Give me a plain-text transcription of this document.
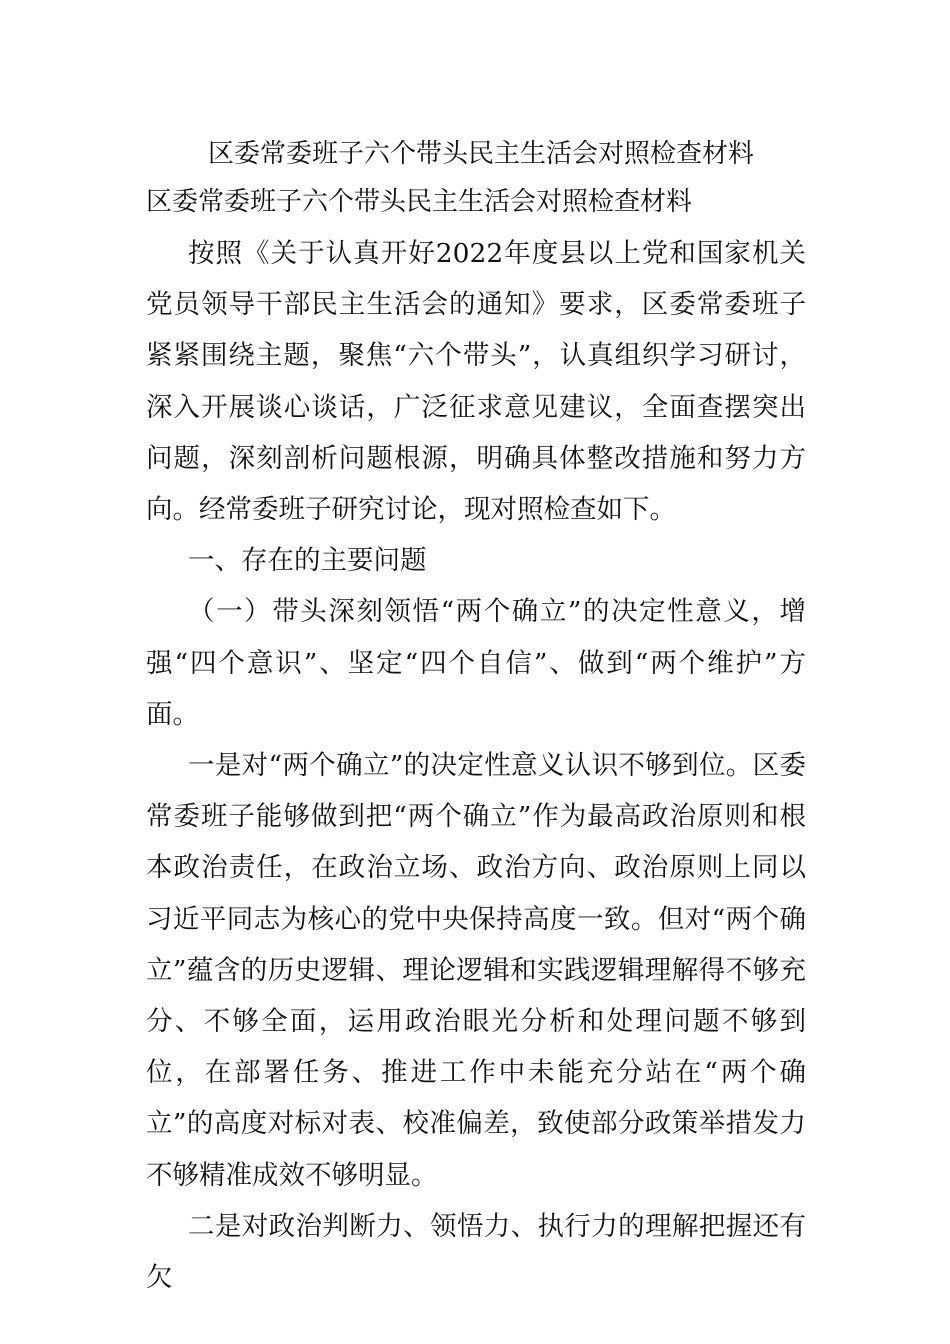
区委常委班子六个带头民主生活会对照检查材料
区委常委班子六个带头民主生活会对照检查材料

按照《关于认真开好2022年度县以上党和国家机关党员领导干部民主生活会的通知》要求，区委常委班子紧紧围绕主题，聚焦“六个带头”，认真组织学习研讨，深入开展谈心谈话，广泛征求意见建议，全面查摆突出问题，深刻剖析问题根源，明确具体整改措施和努力方向。经常委班子研究讨论，现对照检查如下。

一、存在的主要问题

（一）带头深刻领悟“两个确立”的决定性意义，增强“四个意识”、坚定“四个自信”、做到“两个维护”方面。

一是对“两个确立”的决定性意义认识不够到位。区委常委班子能够做到把“两个确立”作为最高政治原则和根本政治责任，在政治立场、政治方向、政治原则上同以习近平同志为核心的党中央保持高度一致。但对“两个确立”蕴含的历史逻辑、理论逻辑和实践逻辑理解得不够充分、不够全面，运用政治眼光分析和处理问题不够到位，在部署任务、推进工作中未能充分站在“两个确立”的高度对标对表、校准偏差，致使部分政策举措发力不够精准成效不够明显。

二是对政治判断力、领悟力、执行力的理解把握还有欠
